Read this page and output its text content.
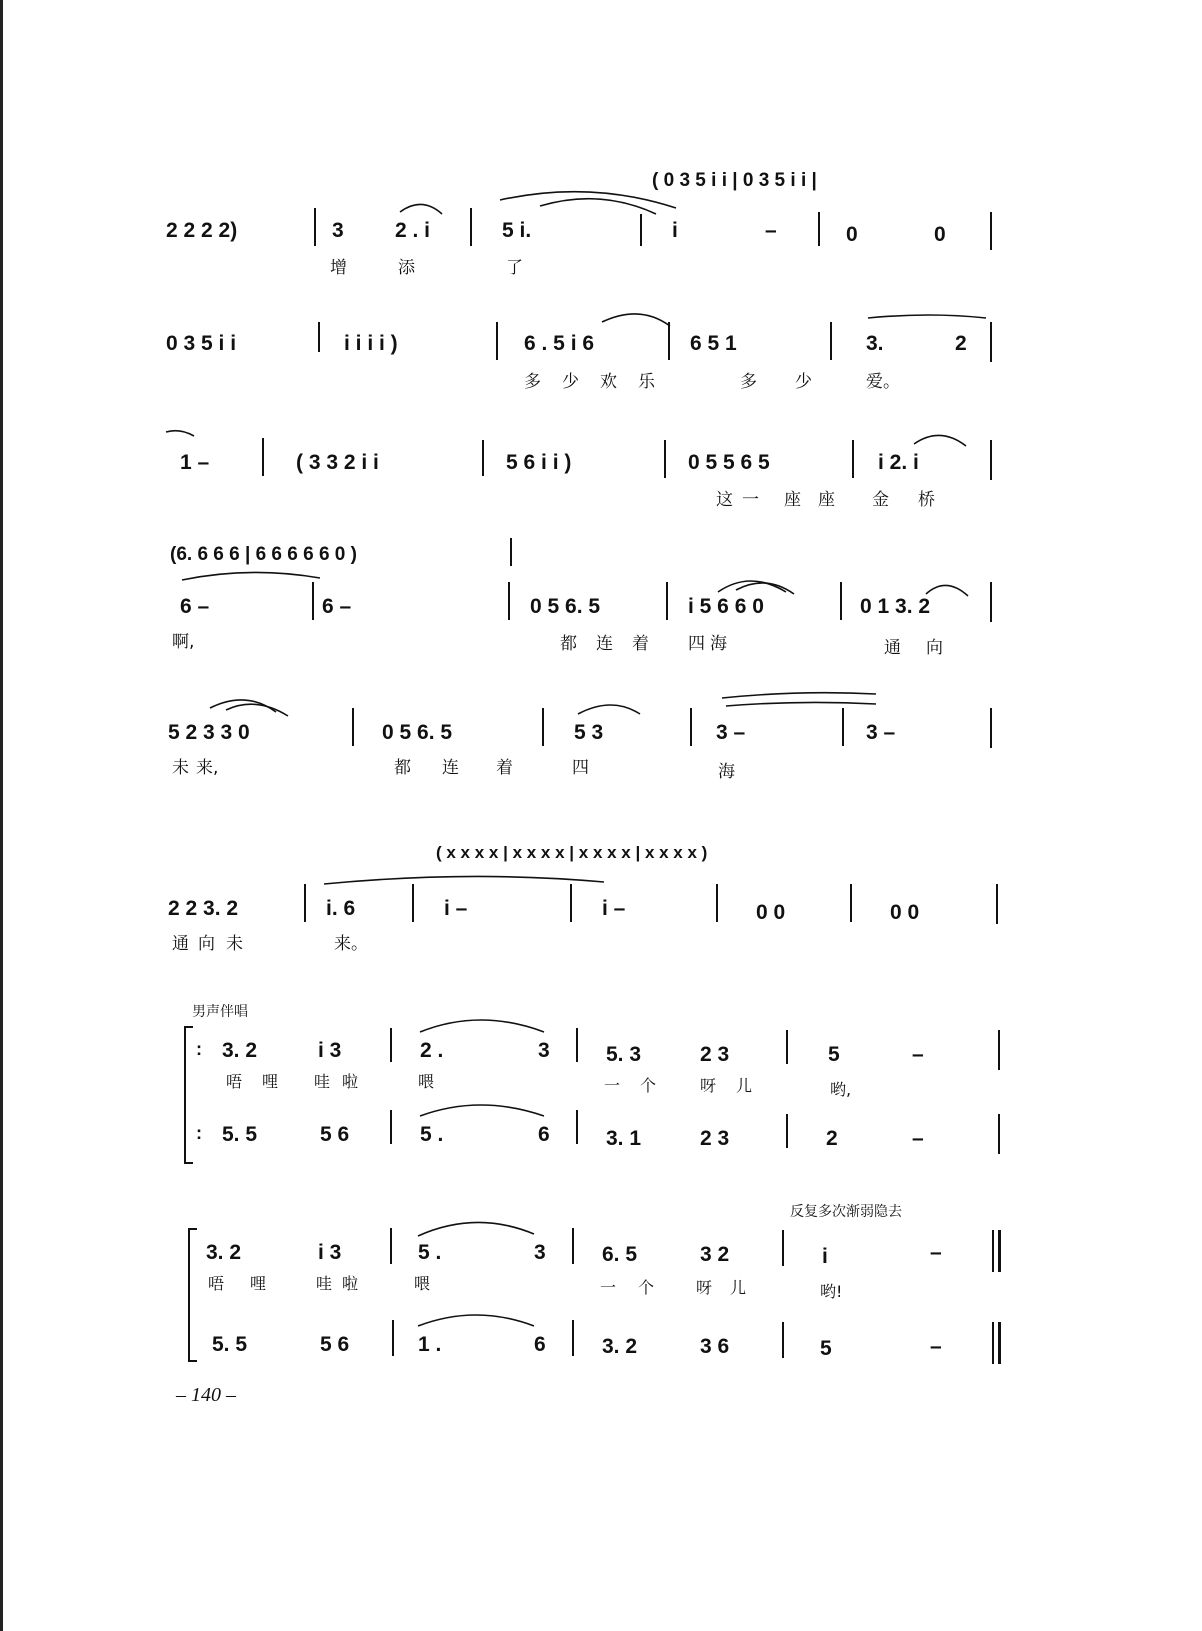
( 0 3 5 i i | 0 3 5 i i |
2 2 2 2)	3 2 . i	5 i.	i	–	0	0
增	添	了
0 3 5 i i	i i i i )	6 . 5 i 6	6 5 1	3.	2
多 少 欢 乐	多 少	爱。
1 –	( 3 3 2 i i	5 6 i i )	0 5 5 6 5	i 2. i
这 一 座 座 金 桥
(6. 6 6 6 | 6 6 6 6 6 0 )
6 –	6 –	0 5 6. 5	i 5 6 6 0	0 1 3. 2
啊,	都 连 着 四 海	通 向
5 2 3 3 0	0 5 6. 5	5 3	3 –	3 –
未 来,	都 连 着	四	海
( x x x x | x x x x | x x x x | x x x x )
2 2 3. 2	i. 6	i –	i –	0 0	0 0
通 向 未	来。
男声伴唱
:
:
3. 2	i 3	2 .	3	5. 3	2 3	5	–
唔 哩 哇 啦	喂	一 个	呀 儿	哟,
5. 5	5 6	5 .	6	3. 1	2 3	2	–
反复多次渐弱隐去
3. 2	i 3	5 .	3	6. 5	3 2	i	–
唔 哩	哇 啦	喂	一 个	呀 儿	哟!
5. 5	5 6	1 .	6	3. 2	3 6	5	–
– 140 –
